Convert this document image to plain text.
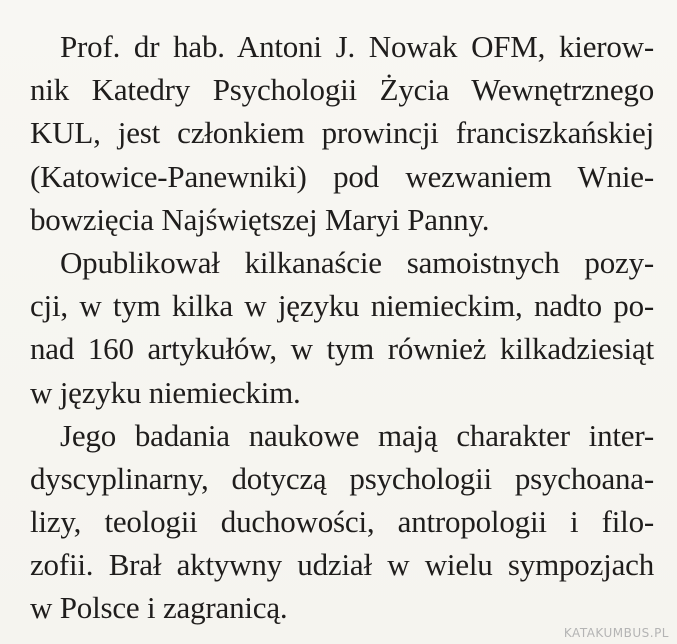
Prof. dr hab. Antoni J. Nowak OFM, kierow-
nik Katedry Psychologii Życia Wewnętrznego
KUL, jest członkiem prowincji franciszkańskiej
(Katowice-Panewniki) pod wezwaniem Wnie-
bowzięcia Najświętszej Maryi Panny.
Opublikował kilkanaście samoistnych pozy-
cji, w tym kilka w języku niemieckim, nadto po-
nad 160 artykułów, w tym również kilkadziesiąt
w języku niemieckim.
Jego badania naukowe mają charakter inter-
dyscyplinarny, dotyczą psychologii psychoana-
lizy, teologii duchowości, antropologii i filo-
zofii. Brał aktywny udział w wielu sympozjach
w Polsce i zagranicą.
KATAKUMBUS.PL
